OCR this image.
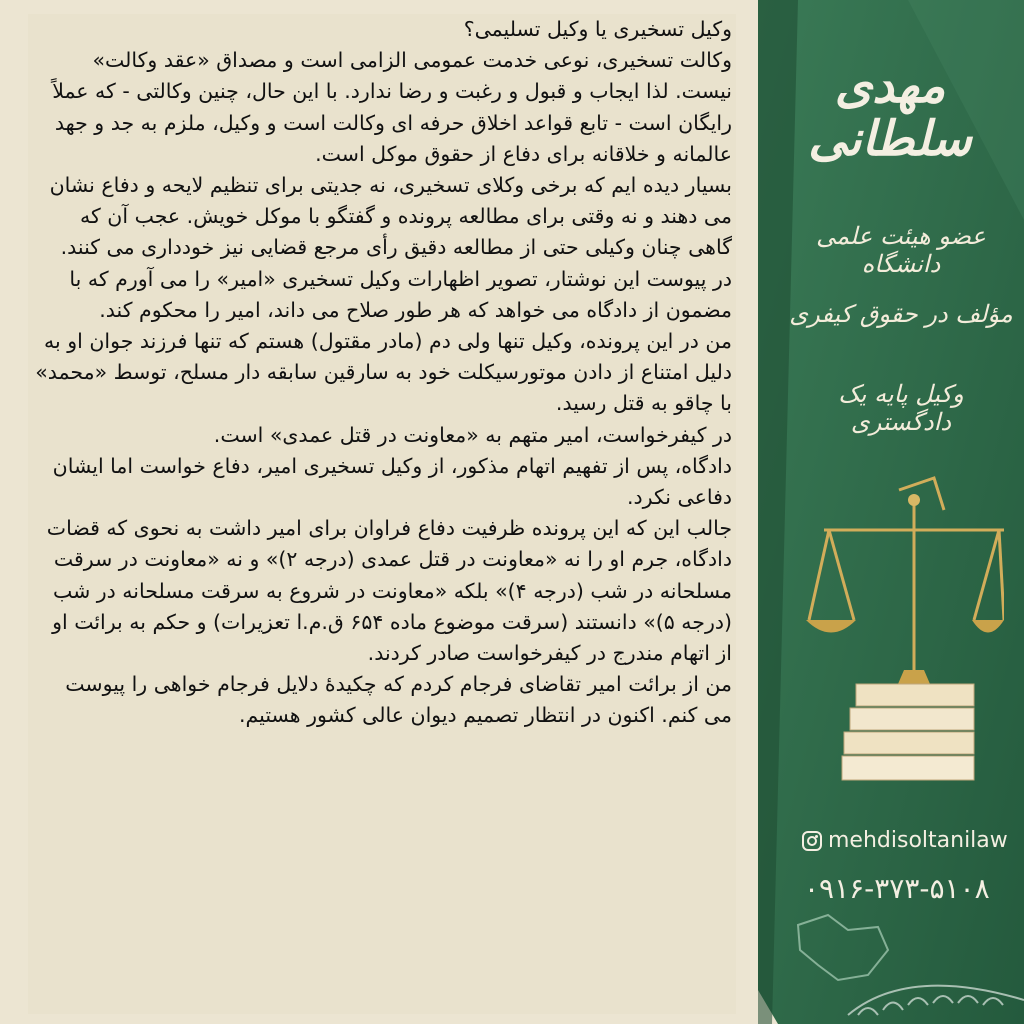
وکیل تسخیری یا وکیل تسلیمی؟

وکالت تسخیری، نوعی خدمت عمومی الزامی است و مصداق «عقد وکالت» نیست. لذا ایجاب و قبول و رغبت و رضا ندارد. با این حال، چنین وکالتی - که عملاً رایگان است - تابع قواعد اخلاق حرفه ای وکالت است و وکیل، ملزم به جد و جهد عالمانه و خلاقانه برای دفاع از حقوق موکل است.

بسیار دیده ایم که برخی وکلای تسخیری، نه جدیتی برای تنظیم لایحه و دفاع نشان می دهند و نه وقتی برای مطالعه پرونده و گفتگو با موکل خویش. عجب آن که گاهی چنان وکیلی حتی از مطالعه دقیق رأی مرجع قضایی نیز خودداری می کنند.

در پیوست این نوشتار، تصویر اظهارات وکیل تسخیری «امیر» را می آورم که با مضمون از دادگاه می خواهد که هر طور صلاح می داند، امیر را محکوم کند.

من در این پرونده، وکیل تنها ولی دم (مادر مقتول) هستم که تنها فرزند جوان او به دلیل امتناع از دادن موتورسیکلت خود به سارقین سابقه دار مسلح، توسط «محمد» با چاقو به قتل رسید.

در کیفرخواست، امیر متهم به «معاونت در قتل عمدی» است.

دادگاه، پس از تفهیم اتهام مذکور، از وکیل تسخیری امیر، دفاع خواست اما ایشان دفاعی نکرد.

جالب این که این پرونده ظرفیت دفاع فراوان برای امیر داشت به نحوی که قضات دادگاه، جرم او را نه «معاونت در قتل عمدی (درجه ۲)» و نه «معاونت در سرقت مسلحانه در شب (درجه ۴)» بلکه «معاونت در شروع به سرقت مسلحانه در شب (درجه ۵)» دانستند (سرقت موضوع ماده ۶۵۴ ق.م.ا تعزیرات) و حکم به برائت او از اتهام مندرج در کیفرخواست صادر کردند.

من از برائت امیر تقاضای فرجام کردم که چکیدهٔ دلایل فرجام خواهی را پیوست می کنم. اکنون در انتظار تصمیم دیوان عالی کشور هستیم.

مهدی سلطانی
عضو هیئت علمی دانشگاه
مؤلف در حقوق کیفری
وکیل پایه یک دادگستری
mehdisoltanilaw
۰۹۱۶-۳۷۳-۵۱۰۸
